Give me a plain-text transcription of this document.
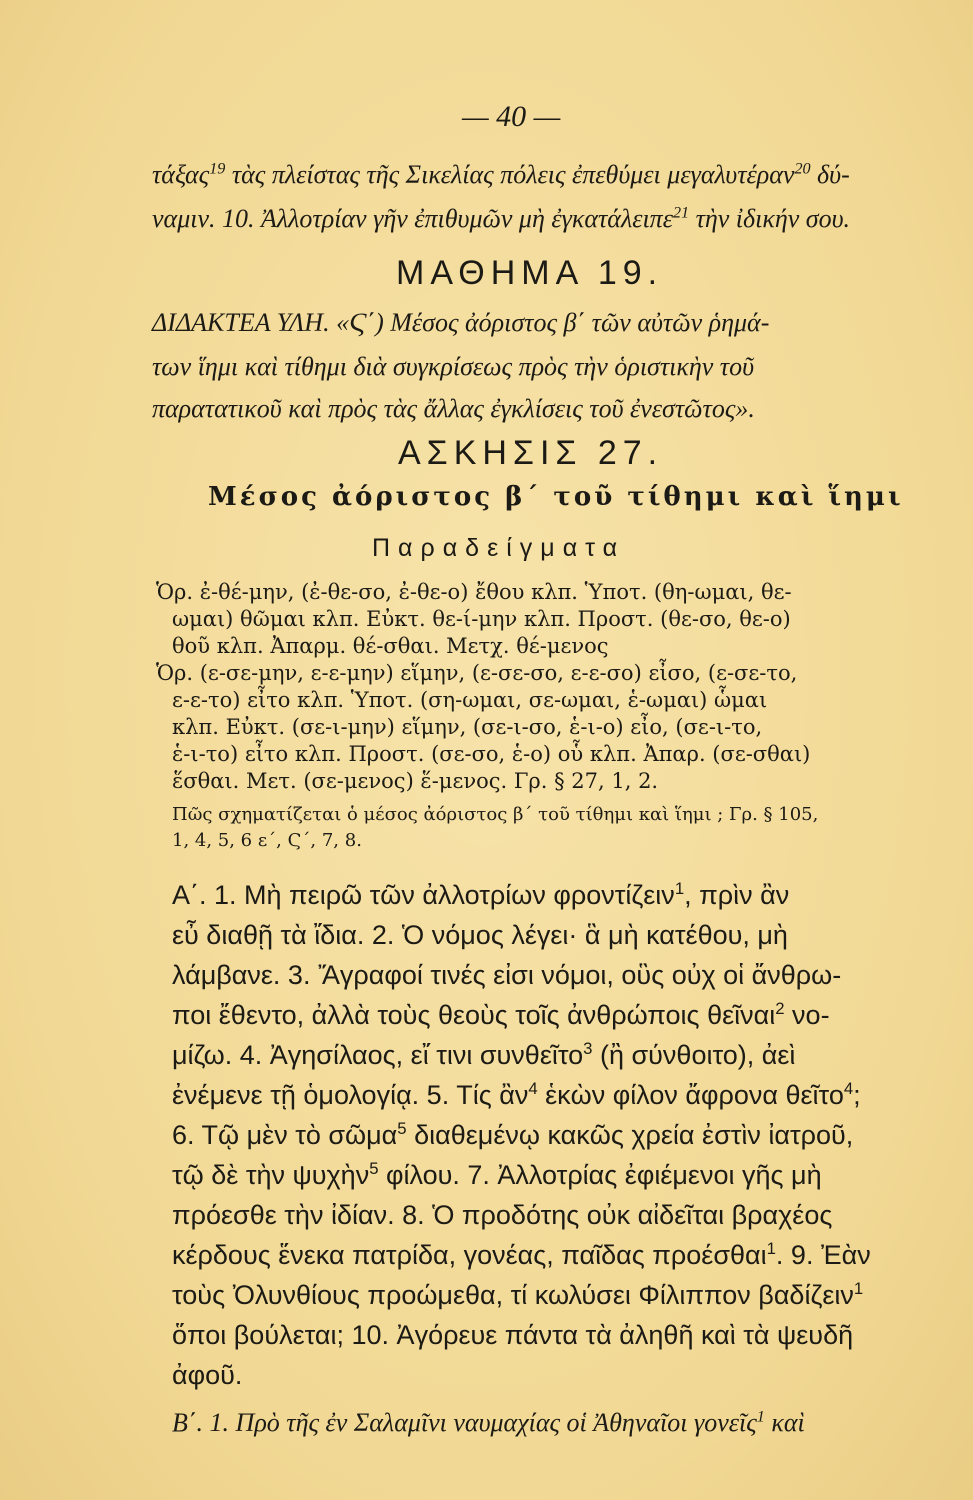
— 40 —
τάξας$^{19}$ τὰς πλείστας τῆς Σικελίας πόλεις ἐπεθύμει μεγαλυτέραν$^{20}$ δύ-
ναμιν. 10. Ἀλλοτρίαν γῆν ἐπιθυμῶν μὴ ἐγκατάλειπε$^{21}$ τὴν ἰδικήν σου.
ΜΑΘΗΜΑ 19.
ΔΙΔΑΚΤΕΑ ΥΛΗ. «Ϛ΄) Μέσος ἀόριστος β΄ τῶν αὐτῶν ῥημά-
των ἵημι καὶ τίθημι διὰ συγκρίσεως πρὸς τὴν ὁριστικὴν τοῦ
παρατατικοῦ καὶ πρὸς τὰς ἄλλας ἐγκλίσεις τοῦ ἐνεστῶτος».
ΑΣΚΗΣΙΣ 27.
Μέσος ἀόριστος β΄ τοῦ τίθημι καὶ ἵημι
Παραδείγματα
Ὁρ. ἐ-θέ-μην, (ἐ-θε-σο, ἐ-θε-ο) ἔθου κλπ. Ὑποτ. (θη-ωμαι, θε-
ωμαι) θῶμαι κλπ. Εὐκτ. θε-ί-μην κλπ. Προστ. (θε-σο, θε-ο)
θοῦ κλπ. Ἀπαρμ. θέ-σθαι. Μετχ. θέ-μενος
Ὁρ. (ε-σε-μην, ε-ε-μην) εἵμην, (ε-σε-σο, ε-ε-σο) εἶσο, (ε-σε-το,
ε-ε-το) εἶτο κλπ. Ὑποτ. (ση-ωμαι, σε-ωμαι, ἑ-ωμαι) ὧμαι
κλπ. Εὐκτ. (σε-ι-μην) εἵμην, (σε-ι-σο, ἑ-ι-ο) εἶο, (σε-ι-το,
ἑ-ι-το) εἶτο κλπ. Προστ. (σε-σο, ἑ-ο) οὗ κλπ. Ἀπαρ. (σε-σθαι)
ἕσθαι. Μετ. (σε-μενος) ἕ-μενος. Γρ. § 27, 1, 2.
Πῶς σχηματίζεται ὁ μέσος ἀόριστος β΄ τοῦ τίθημι καὶ ἵημι ; Γρ. § 105,
1, 4, 5, 6 ε΄, Ϛ΄, 7, 8.
Α΄. 1. Μὴ πειρῶ τῶν ἀλλοτρίων φροντίζειν$^1$, πρὶν ἂν
εὖ διαθῇ τὰ ἴδια. 2. Ὁ νόμος λέγει· ἃ μὴ κατέθου, μὴ
λάμβανε. 3. Ἄγραφοί τινές εἰσι νόμοι, οὓς οὐχ οἱ ἄνθρω-
ποι ἔθεντο, ἀλλὰ τοὺς θεοὺς τοῖς ἀνθρώποις θεῖναι$^2$ νο-
μίζω. 4. Ἀγησίλαος, εἴ τινι συνθεῖτο$^3$ (ἢ σύνθοιτο), ἀεὶ
ἐνέμενε τῇ ὁμολογίᾳ. 5. Τίς ἂν$^4$ ἑκὼν φίλον ἄφρονα θεῖτο$^4$;
6. Τῷ μὲν τὸ σῶμα$^5$ διαθεμένῳ κακῶς χρεία ἐστὶν ἰατροῦ,
τῷ δὲ τὴν ψυχὴν$^5$ φίλου. 7. Ἀλλοτρίας ἐφιέμενοι γῆς μὴ
πρόεσθε τὴν ἰδίαν. 8. Ὁ προδότης οὐκ αἰδεῖται βραχέος
κέρδους ἕνεκα πατρίδα, γονέας, παῖδας προέσθαι$^1$. 9. Ἐὰν
τοὺς Ὀλυνθίους προώμεθα, τί κωλύσει Φίλιππον βαδίζειν$^1$
ὅποι βούλεται; 10. Ἀγόρευε πάντα τὰ ἀληθῆ καὶ τὰ ψευδῆ
ἀφοῦ.
Β΄. 1. Πρὸ τῆς ἐν Σαλαμῖνι ναυμαχίας οἱ Ἀθηναῖοι γονεῖς$^1$ καὶ
